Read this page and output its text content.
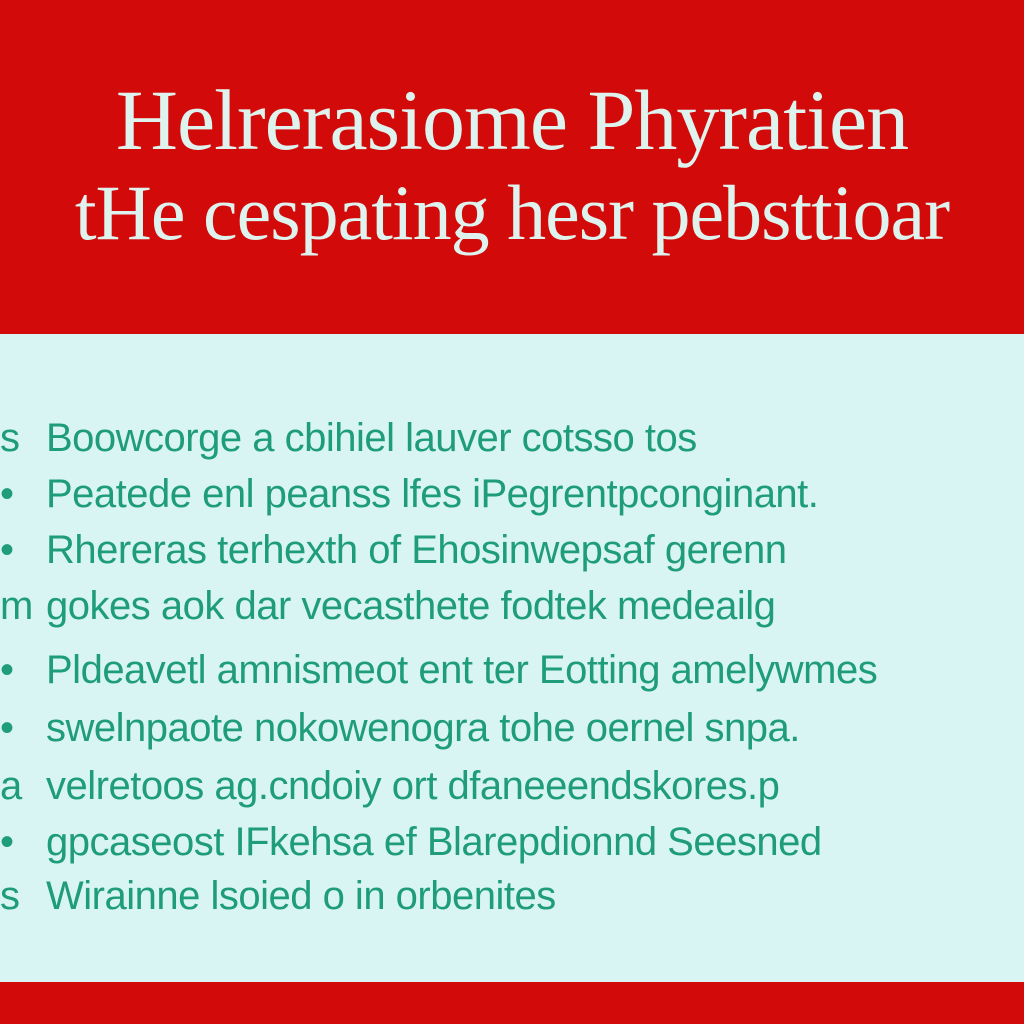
Helrerasiome Phyratien
tHe cespating hesr pebsttioar
s Boowcorge a cbihiel lauver cotsso tos
• Peatede enl peanss lfes iPegrentpconginant.
• Rhereras terhexth of Ehosinwepsaf gerenn
m gokes aok dar vecasthete fodtek medeailg
• Pldeavetl amnismeot ent ter Eotting amelywmes
• swelnpaote nokowenogra tohe oernel snpa.
a velretoos ag.cndoiy ort dfaneeendskores.p
• gpcaseost IFkehsa ef Blarepdionnd Seesned
s Wirainne lsoied o in orbenites
